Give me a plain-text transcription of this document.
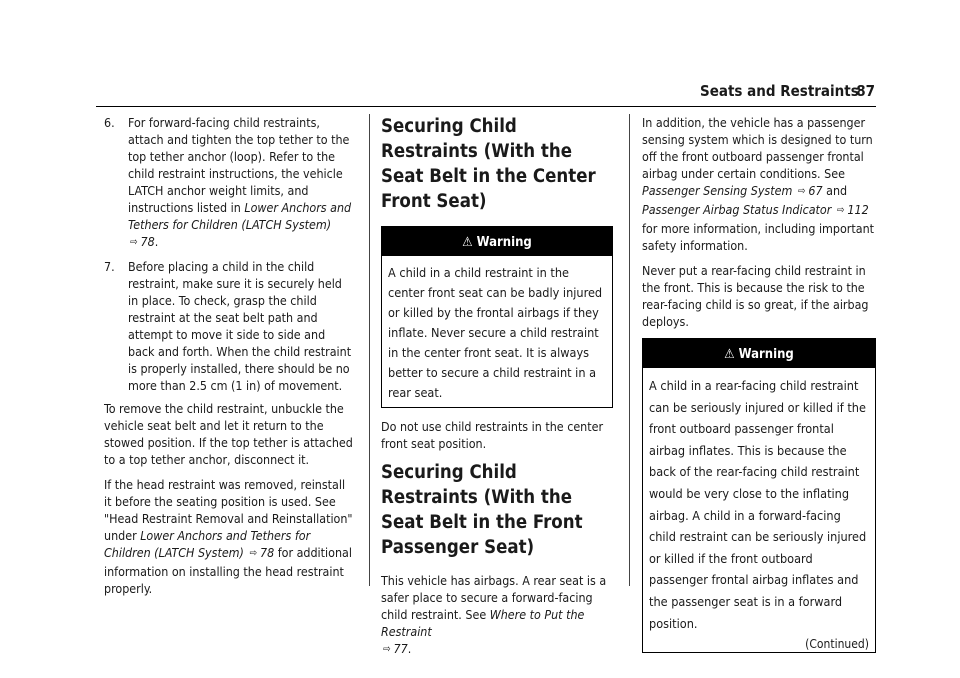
Seats and Restraints
87
6. For forward-facing child restraints, attach and tighten the top tether to the top tether anchor (loop). Refer to the child restraint instructions, the vehicle LATCH anchor weight limits, and instructions listed in Lower Anchors and Tethers for Children (LATCH System) ⇨ 78.
7. Before placing a child in the child restraint, make sure it is securely held in place. To check, grasp the child restraint at the seat belt path and attempt to move it side to side and back and forth. When the child restraint is properly installed, there should be no more than 2.5 cm (1 in) of movement.

To remove the child restraint, unbuckle the vehicle seat belt and let it return to the stowed position. If the top tether is attached to a top tether anchor, disconnect it.

If the head restraint was removed, reinstall it before the seating position is used. See "Head Restraint Removal and Reinstallation" under Lower Anchors and Tethers for Children (LATCH System) ⇨ 78 for additional information on installing the head restraint properly.

Securing Child Restraints (With the Seat Belt in the Center Front Seat)
⚠ Warning
A child in a child restraint in the center front seat can be badly injured or killed by the frontal airbags if they inflate. Never secure a child restraint in the center front seat. It is always better to secure a child restraint in a rear seat.

Do not use child restraints in the center front seat position.

Securing Child Restraints (With the Seat Belt in the Front Passenger Seat)

This vehicle has airbags. A rear seat is a safer place to secure a forward-facing child restraint. See Where to Put the Restraint
⇨ 77.

In addition, the vehicle has a passenger sensing system which is designed to turn off the front outboard passenger frontal airbag under certain conditions. See Passenger Sensing System ⇨ 67 and Passenger Airbag Status Indicator ⇨ 112 for more information, including important safety information.

Never put a rear-facing child restraint in the front. This is because the risk to the rear-facing child is so great, if the airbag deploys.

⚠ Warning
A child in a rear-facing child restraint can be seriously injured or killed if the front outboard passenger frontal airbag inflates. This is because the back of the rear-facing child restraint would be very close to the inflating airbag. A child in a forward-facing child restraint can be seriously injured or killed if the front outboard passenger frontal airbag inflates and the passenger seat is in a forward position.
(Continued)
